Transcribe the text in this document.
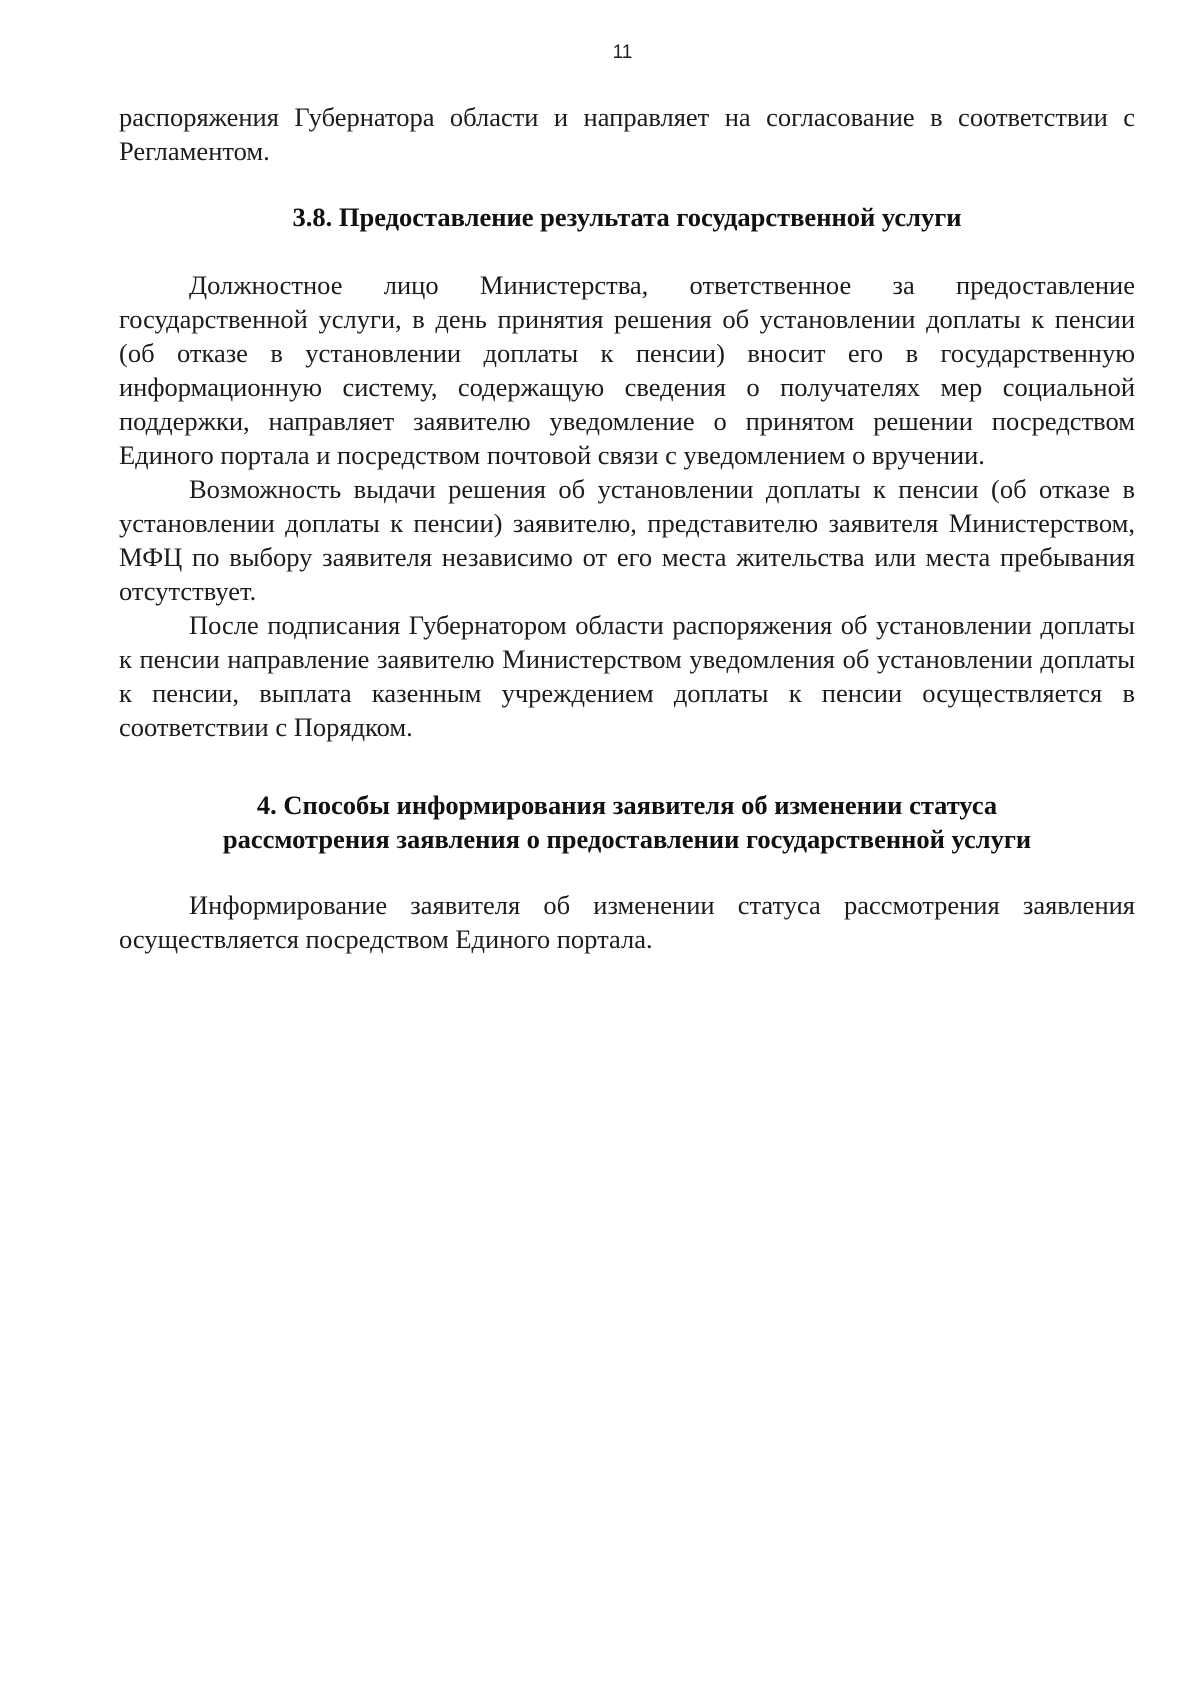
11

распоряжения Губернатора области и направляет на согласование в соответствии с Регламентом.

3.8. Предоставление результата государственной услуги

Должностное лицо Министерства, ответственное за предоставление государственной услуги, в день принятия решения об установлении доплаты к пенсии (об отказе в установлении доплаты к пенсии) вносит его в государственную информационную систему, содержащую сведения о получателях мер социальной поддержки, направляет заявителю уведомление о принятом решении посредством Единого портала и посредством почтовой связи с уведомлением о вручении.

Возможность выдачи решения об установлении доплаты к пенсии (об отказе в установлении доплаты к пенсии) заявителю, представителю заявителя Министерством, МФЦ по выбору заявителя независимо от его места жительства или места пребывания отсутствует.

После подписания Губернатором области распоряжения об установлении доплаты к пенсии направление заявителю Министерством уведомления об установлении доплаты к пенсии, выплата казенным учреждением доплаты к пенсии осуществляется в соответствии с Порядком.

4. Способы информирования заявителя об изменении статуса
рассмотрения заявления о предоставлении государственной услуги

Информирование заявителя об изменении статуса рассмотрения заявления осуществляется посредством Единого портала.
